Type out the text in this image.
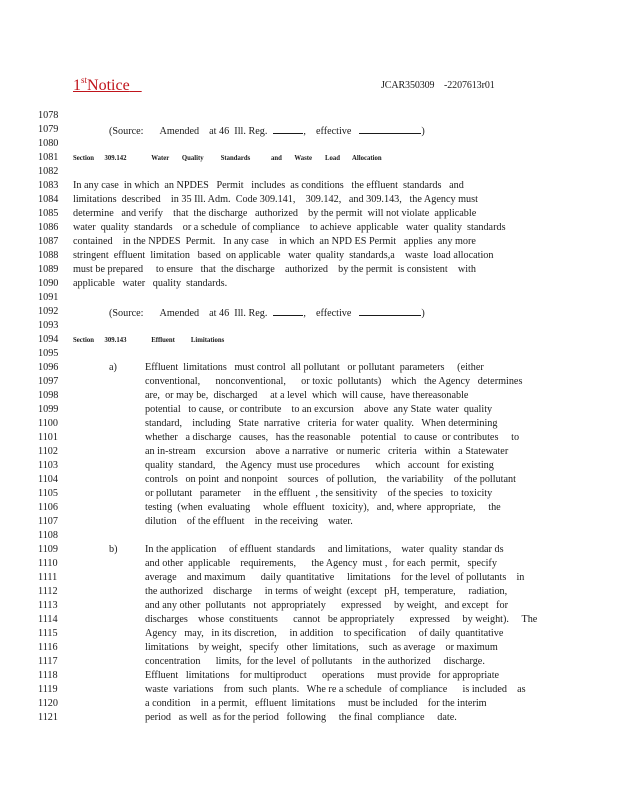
1stNotice	JCAR350309    -2207613r01
1078
1079
1080
1081
1082
1083
1084
1085
1086
1087
1088
1089
1090
1091
1092
1093
1094
1095
1096
1097
1098
1099
1100
1101
1102
1103
1104
1105
1106
1107
1108
1109
1110
1111
1112
1113
1114
1115
1116
1117
1118
1119
1120
1121
(Source: Amended at 46  Ill. Reg.	, effective	)
Section 309.142	Water Quality Standards	and Waste Load Allocation
In any case  in which  an NPDES   Permit   includes  as conditions   the effluent  standards   and
limitations  described    in 35 Ill. Adm.  Code 309.141,    309.142,   and 309.143,   the Agency must
determine   and verify    that  the discharge   authorized    by the permit  will not violate  applicable
water  quality  standards    or a schedule  of compliance    to achieve  applicable   water  quality  standards
contained    in the NPDES  Permit.   In any case    in which  an NPD ES Permit   applies  any more
stringent  effluent  limitation   based  on applicable   water  quality  standards,a    waste  load allocation
must be prepared     to ensure   that  the discharge    authorized    by the permit  is consistent    with
applicable   water   quality  standards.
(Source: Amended at 46  Ill. Reg.	, effective	)
Section 309.143	Effluent Limitations
a)	Effluent  limitations   must control  all pollutant   or pollutant  parameters     (either
conventional,      nonconventional,      or toxic  pollutants)    which   the Agency   determines
are,  or may be,  discharged     at a level  which  will cause,  have thereasonable
potential   to cause,  or contribute    to an excursion    above  any State  water  quality
standard,    including   State  narrative   criteria  for water  quality.   When determining
whether   a discharge   causes,   has the reasonable    potential   to cause  or contributes     to
an in-stream    excursion    above  a narrative   or numeric   criteria   within   a Statewater
quality  standard,    the Agency  must use procedures      which   account   for existing
controls   on point  and nonpoint    sources   of pollution,    the variability    of the pollutant
or pollutant   parameter     in the effluent  , the sensitivity    of the species   to toxicity
testing  (when  evaluating     whole  effluent   toxicity),   and, where  appropriate,     the
dilution    of the effluent    in the receiving    water.
b)	In the application     of effluent  standards     and limitations,    water  quality  standar ds
and other  applicable    requirements,      the Agency  must ,  for each  permit,   specify
average    and maximum      daily  quantitative     limitations    for the level  of pollutants    in
the authorized    discharge     in terms  of weight  (except   pH,  temperature,     radiation,
and any other  pollutants   not  appropriately      expressed     by weight,   and except   for
discharges    whose  constituents      cannot   be appropriately      expressed     by weight).     The
Agency   may,   in its discretion,     in addition    to specification     of daily  quantitative
limitations    by weight,   specify   other  limitations,    such  as average    or maximum
concentration      limits,  for the level  of pollutants    in the authorized     discharge.
Effluent   limitations    for multiproduct      operations     must provide   for appropriate
waste  variations    from  such  plants.   Whe re a schedule   of compliance      is included    as
a condition    in a permit,   effluent  limitations     must be included    for the interim
period   as well  as for the period   following     the final  compliance     date.
